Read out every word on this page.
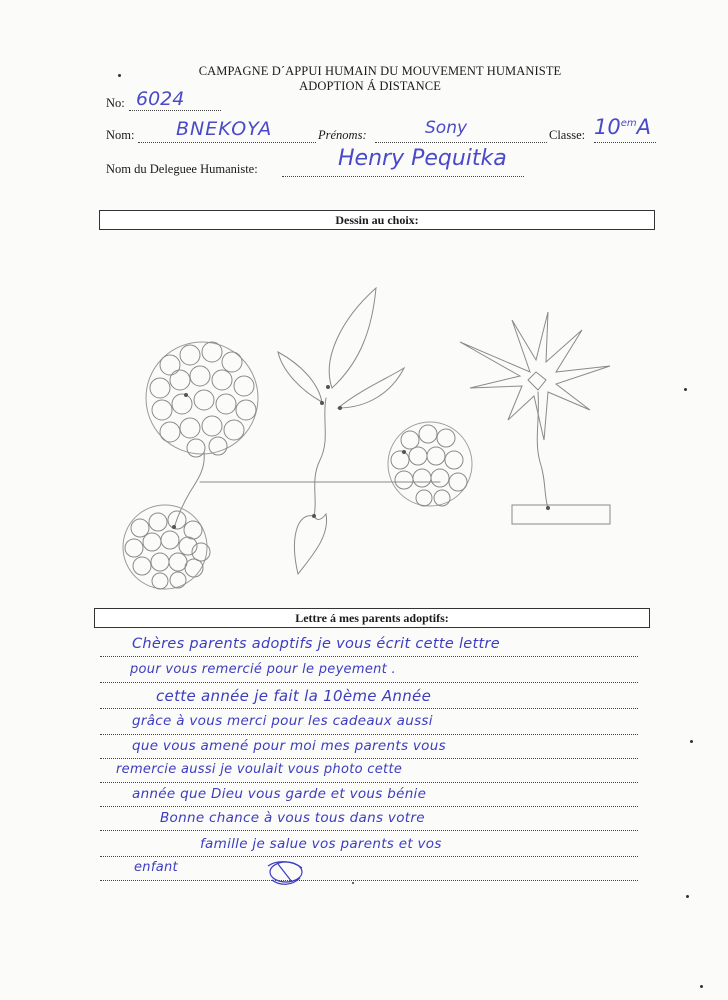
CAMPAGNE D´APPUI HUMAIN DU MOUVEMENT HUMANISTE
ADOPTION Á DISTANCE
No: 6024
Nom: BNEKOYA	Prénoms:	Sony	Classe: $10^{em}A$
Nom du Deleguee Humaniste:	Henry Pequitka
Dessin au choix:
Lettre á mes parents adoptifs:
Chères parents adoptifs je vous écrit cette lettre
pour vous remercié pour le peyement .
cette année je fait la 10ème Année
grâce à vous merci pour les cadeaux aussi
que vous amené pour moi mes parents vous
remercie aussi je voulait vous photo cette
année que Dieu vous garde et vous bénie
Bonne chance à vous tous dans votre
famille je salue vos parents et vos
enfant
